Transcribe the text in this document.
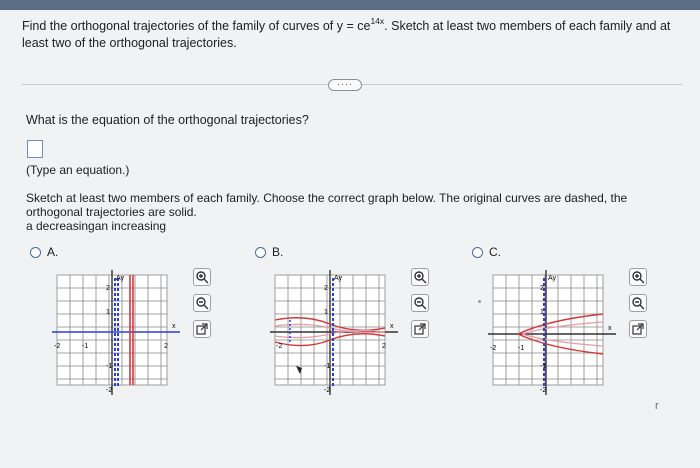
Find the orthogonal trajectories of the family of curves of $y = ce^{14x}$. Sketch at least two members of each family and at least two of the orthogonal trajectories.
····
What is the equation of the orthogonal trajectories?
(Type an equation.)
Sketch at least two members of each family. Choose the correct graph below. The original curves are dashed, the orthogonal trajectories are solid.
a decreasingan increasing
A.	B.	C.
Ay
x
-2	-1	2
2
1
-1
-2
Ay
x
-2	2
2
1
-1
-2
Ay
x
-2	-1
2
1
-1
-2
r
